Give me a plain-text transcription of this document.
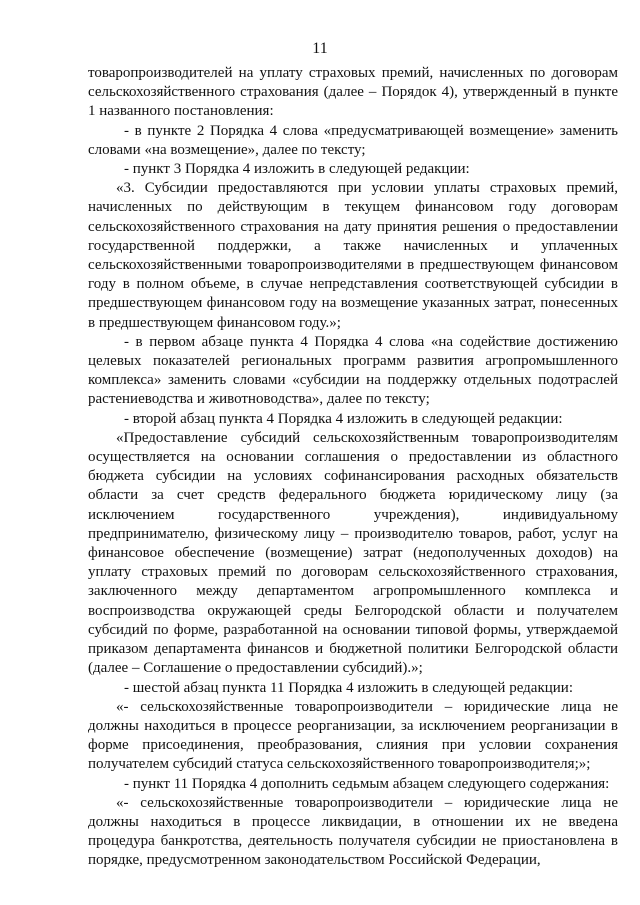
11

товаропроизводителей на уплату страховых премий, начисленных по договорам сельскохозяйственного страхования (далее – Порядок 4), утвержденный в пункте 1 названного постановления:

- в пункте 2 Порядка 4 слова «предусматривающей возмещение» заменить словами «на возмещение», далее по тексту;

- пункт 3 Порядка 4 изложить в следующей редакции:

«3. Субсидии предоставляются при условии уплаты страховых премий, начисленных по действующим в текущем финансовом году договорам сельскохозяйственного страхования на дату принятия решения о предоставлении государственной поддержки, а также начисленных и уплаченных сельскохозяйственными товаропроизводителями в предшествующем финансовом году в полном объеме, в случае непредставления соответствующей субсидии в предшествующем финансовом году на возмещение указанных затрат, понесенных в предшествующем финансовом году.»;

- в первом абзаце пункта 4 Порядка 4 слова «на содействие достижению целевых показателей региональных программ развития агропромышленного комплекса» заменить словами «субсидии на поддержку отдельных подотраслей растениеводства и животноводства», далее по тексту;

- второй абзац пункта 4 Порядка 4 изложить в следующей редакции:

«Предоставление субсидий сельскохозяйственным товаропроизводителям осуществляется на основании соглашения о предоставлении из областного бюджета субсидии на условиях софинансирования расходных обязательств области за счет средств федерального бюджета юридическому лицу (за исключением государственного учреждения), индивидуальному предпринимателю, физическому лицу – производителю товаров, работ, услуг на финансовое обеспечение (возмещение) затрат (недополученных доходов) на уплату страховых премий по договорам сельскохозяйственного страхования, заключенного между департаментом агропромышленного комплекса и воспроизводства окружающей среды Белгородской области и получателем субсидий по форме, разработанной на основании типовой формы, утверждаемой приказом департамента финансов и бюджетной политики Белгородской области (далее – Соглашение о предоставлении субсидий).»;

- шестой абзац пункта 11 Порядка 4 изложить в следующей редакции:

«- сельскохозяйственные товаропроизводители – юридические лица не должны находиться в процессе реорганизации, за исключением реорганизации в форме присоединения, преобразования, слияния при условии сохранения получателем субсидий статуса сельскохозяйственного товаропроизводителя;»;

- пункт 11 Порядка 4 дополнить седьмым абзацем следующего содержания:

«- сельскохозяйственные товаропроизводители – юридические лица не должны находиться в процессе ликвидации, в отношении их не введена процедура банкротства, деятельность получателя субсидии не приостановлена в порядке, предусмотренном законодательством Российской Федерации,
